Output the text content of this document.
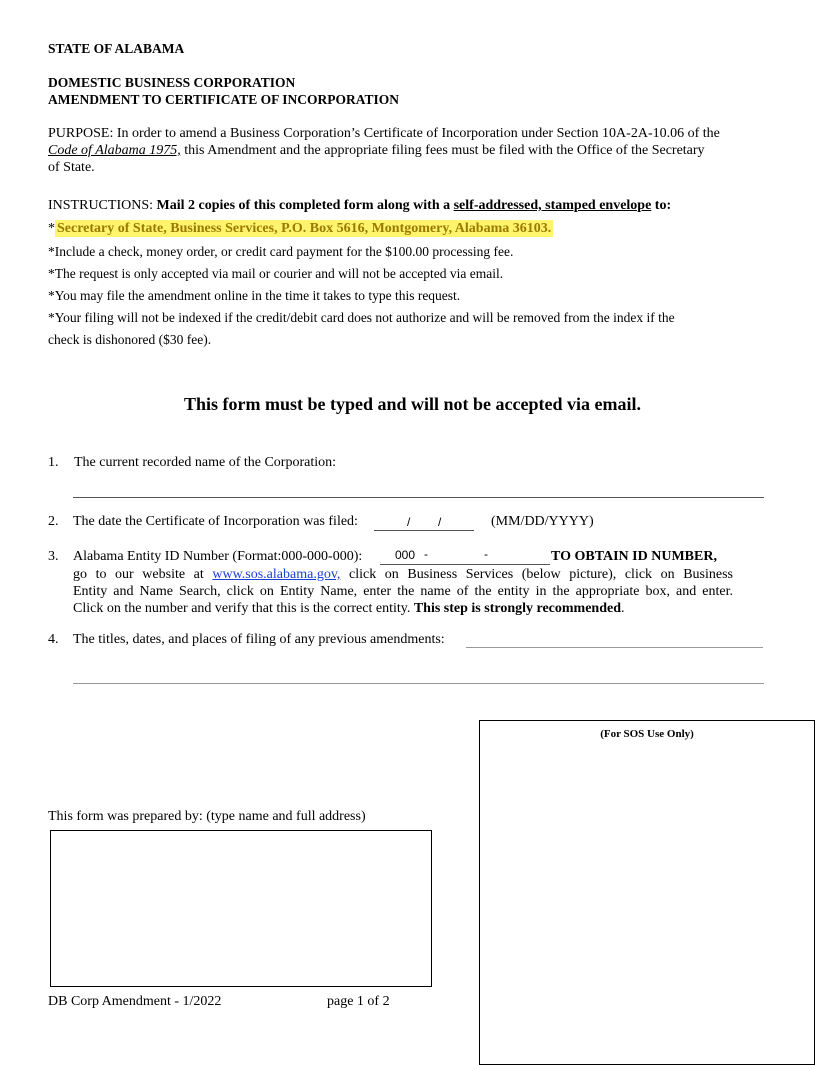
STATE OF ALABAMA
DOMESTIC BUSINESS CORPORATION
AMENDMENT TO CERTIFICATE OF INCORPORATION
PURPOSE: In order to amend a Business Corporation’s Certificate of Incorporation under Section 10A-2A-10.06 of the
Code of Alabama 1975, this Amendment and the appropriate filing fees must be filed with the Office of the Secretary
of State.
INSTRUCTIONS: Mail 2 copies of this completed form along with a self-addressed, stamped envelope to:
* Secretary of State, Business Services, P.O. Box 5616, Montgomery, Alabama 36103.
*Include a check, money order, or credit card payment for the $100.00 processing fee.
*The request is only accepted via mail or courier and will not be accepted via email.
*You may file the amendment online in the time it takes to type this request.
*Your filing will not be indexed if the credit/debit card does not authorize and will be removed from the index if the
check is dishonored ($30 fee).
This form must be typed and will not be accepted via email.
1. The current recorded name of the Corporation:
2. The date the Certificate of Incorporation was filed:	/ /	(MM/DD/YYYY)
3. Alabama Entity ID Number (Format:000-000-000):	000 -	-	TO OBTAIN ID NUMBER,
go to our website at www.sos.alabama.gov, click on Business Services (below picture), click on Business
Entity and Name Search, click on Entity Name, enter the name of the entity in the appropriate box, and enter.
Click on the number and verify that this is the correct entity. This step is strongly recommended.
4. The titles, dates, and places of filing of any previous amendments:
(For SOS Use Only)
This form was prepared by: (type name and full address)
DB Corp Amendment - 1/2022	page 1 of 2
